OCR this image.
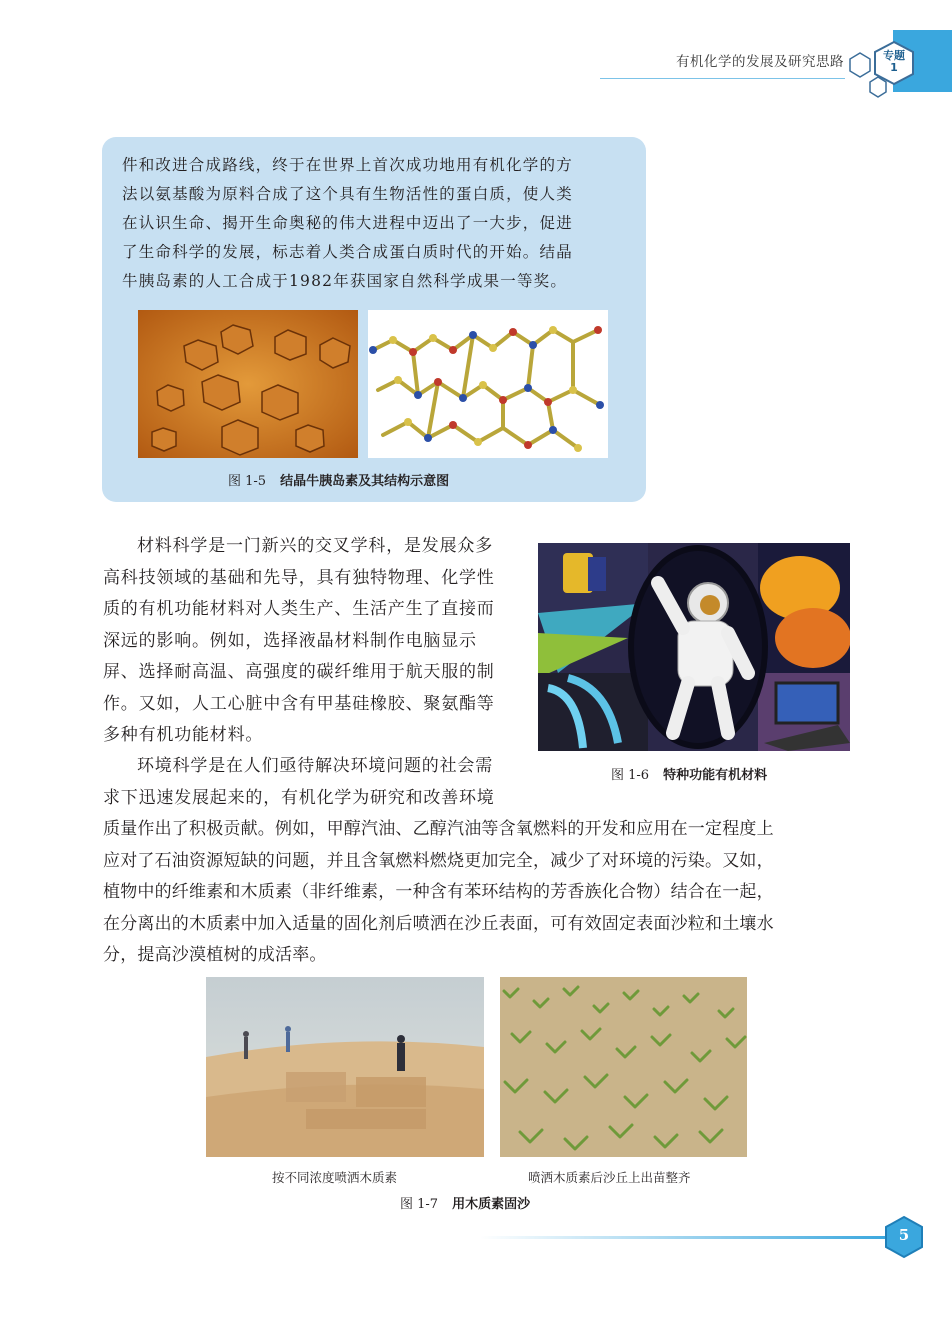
有机化学的发展及研究思路	专题
1

件和改进合成路线，终于在世界上首次成功地用有机化学的方

法以氨基酸为原料合成了这个具有生物活性的蛋白质，使人类

在认识生命、揭开生命奥秘的伟大进程中迈出了一大步，促进

了生命科学的发展，标志着人类合成蛋白质时代的开始。结晶

牛胰岛素的人工合成于1982年获国家自然科学成果一等奖。

图 1-5 结晶牛胰岛素及其结构示意图
材料科学是一门新兴的交叉学科，是发展众多
高科技领域的基础和先导，具有独特物理、化学性
质的有机功能材料对人类生产、生活产生了直接而
深远的影响。例如，选择液晶材料制作电脑显示
屏、选择耐高温、高强度的碳纤维用于航天服的制
作。又如，人工心脏中含有甲基硅橡胶、聚氨酯等
多种有机功能材料。
图 1-6 特种功能有机材料
环境科学是在人们亟待解决环境问题的社会需
求下迅速发展起来的，有机化学为研究和改善环境
质量作出了积极贡献。例如，甲醇汽油、乙醇汽油等含氧燃料的开发和应用在一定程度上
应对了石油资源短缺的问题，并且含氧燃料燃烧更加完全，减少了对环境的污染。又如，
植物中的纤维素和木质素（非纤维素，一种含有苯环结构的芳香族化合物）结合在一起，
在分离出的木质素中加入适量的固化剂后喷洒在沙丘表面，可有效固定表面沙粒和土壤水
分，提高沙漠植树的成活率。
按不同浓度喷洒木质素	喷洒木质素后沙丘上出苗整齐
图 1-7 用木质素固沙
5
